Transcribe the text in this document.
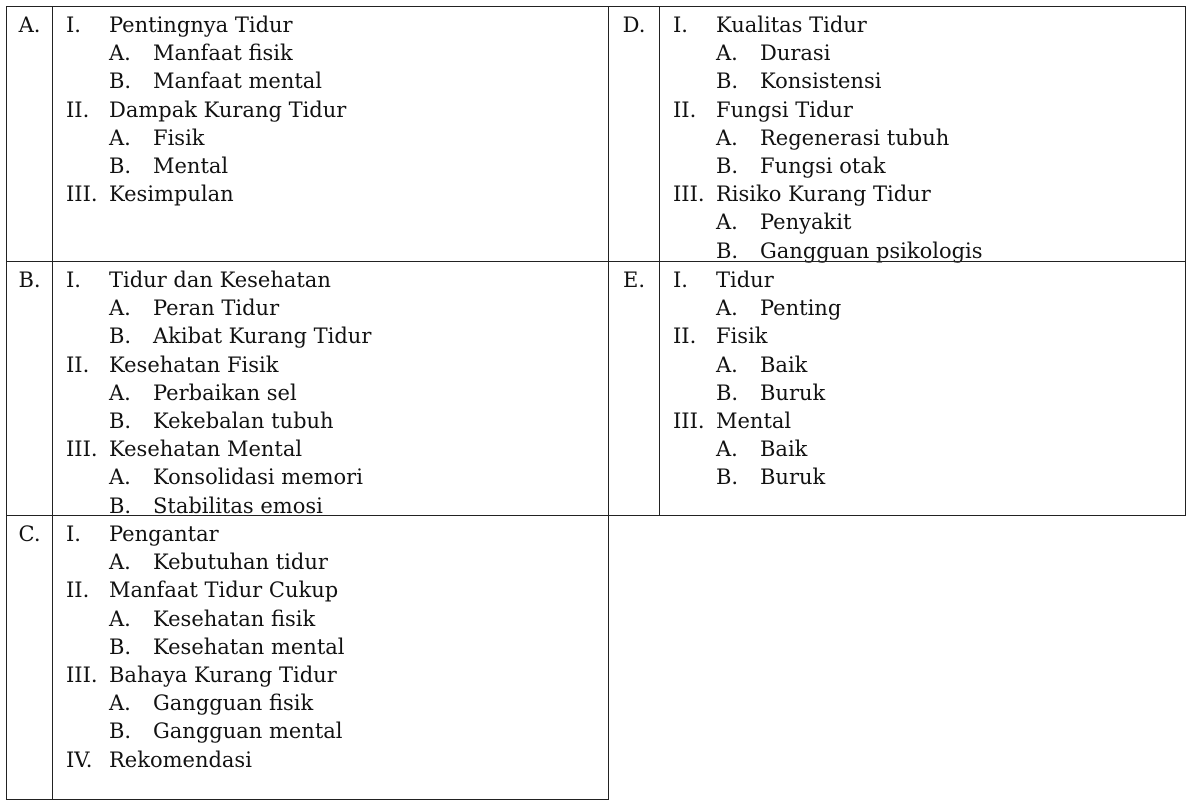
A.	I. Pentingnya Tidur
A. Manfaat fisik
B. Manfaat mental
II. Dampak Kurang Tidur
A. Fisik
B. Mental
III. Kesimpulan
D.	I. Kualitas Tidur
A. Durasi
B. Konsistensi
II. Fungsi Tidur
A. Regenerasi tubuh
B. Fungsi otak
III. Risiko Kurang Tidur
A. Penyakit
B. Gangguan psikologis
B.	I. Tidur dan Kesehatan
A. Peran Tidur
B. Akibat Kurang Tidur
II. Kesehatan Fisik
A. Perbaikan sel
B. Kekebalan tubuh
III. Kesehatan Mental
A. Konsolidasi memori
B. Stabilitas emosi
E.	I. Tidur
A. Penting
II. Fisik
A. Baik
B. Buruk
III. Mental
A. Baik
B. Buruk
C.	I. Pengantar
A. Kebutuhan tidur
II. Manfaat Tidur Cukup
A. Kesehatan fisik
B. Kesehatan mental
III. Bahaya Kurang Tidur
A. Gangguan fisik
B. Gangguan mental
IV. Rekomendasi
